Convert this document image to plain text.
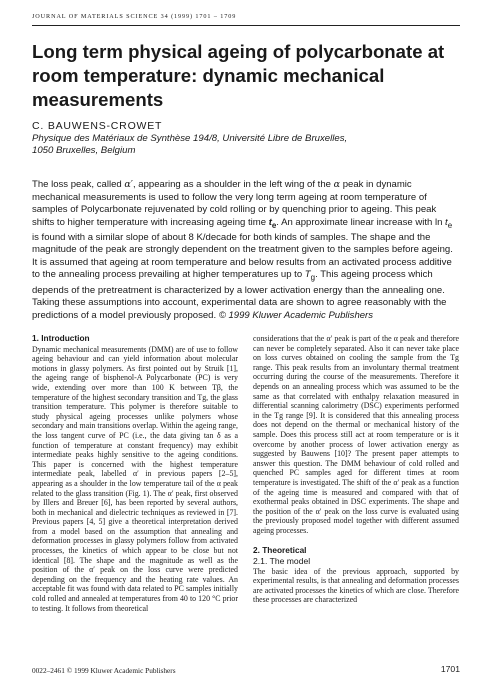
JOURNAL OF MATERIALS SCIENCE 34 (1999) 1701 – 1709
Long term physical ageing of polycarbonate at room temperature: dynamic mechanical measurements
C. BAUWENS-CROWET
Physique des Matériaux de Synthèse 194/8, Université Libre de Bruxelles,
1050 Bruxelles, Belgium

The loss peak, called α′, appearing as a shoulder in the left wing of the α peak in dynamic mechanical measurements is used to follow the very long term ageing at room temperature of samples of Polycarbonate rejuvenated by cold rolling or by quenching prior to ageing. This peak shifts to higher temperature with increasing ageing time $t_e$. An approximate linear increase with $\ln t_e$ is found with a similar slope of about 8 K/decade for both kinds of samples. The shape and the magnitude of the peak are strongly dependent on the treatment given to the samples before ageing. It is assumed that ageing at room temperature and below results from an activated process additive to the annealing process prevailing at higher temperatures up to $T_g$. This ageing process which depends of the pretreatment is characterized by a lower activation energy than the annealing one. Taking these assumptions into account, experimental data are shown to agree reasonably with the predictions of a model previously proposed. © 1999 Kluwer Academic Publishers

1. Introduction

Dynamic mechanical measurements (DMM) are of use to follow ageing behaviour and can yield information about molecular motions in glassy polymers. As first pointed out by Struik [1], the ageing range of bisphenol-A Polycarbonate (PC) is very wide, extending over more than 100 K between Tβ, the temperature of the highest secondary transition and Tg, the glass transition temperature. This polymer is therefore suitable to study physical ageing processes unlike polymers whose secondary and main transitions overlap. Within the ageing range, the loss tangent curve of PC (i.e., the data giving tan δ as a function of temperature at constant frequency) may exhibit intermediate peaks highly sensitive to the ageing conditions. This paper is concerned with the highest temperature intermediate peak, labelled α′ in previous papers [2–5], appearing as a shoulder in the low temperature tail of the α peak related to the glass transition (Fig. 1). The α′ peak, first observed by Illers and Breuer [6], has been reported by several authors, both in mechanical and dielectric techniques as reviewed in [7]. Previous papers [4, 5] give a theoretical interpretation derived from a model based on the assumption that annealing and deformation processes in glassy polymers follow from activated processes, the kinetics of which appear to be close but not identical [8]. The shape and the magnitude as well as the position of the α′ peak on the loss curve were predicted depending on the frequency and the heating rate values. An acceptable fit was found with data related to PC samples initially cold rolled and annealed at temperatures from 40 to 120 °C prior to testing. It follows from theoretical

considerations that the α′ peak is part of the α peak and therefore can never be completely separated. Also it can never take place on loss curves obtained on cooling the sample from the Tg range. This peak results from an involuntary thermal treatment occurring during the course of the measurements. Therefore it depends on an annealing process which was assumed to be the same as that correlated with enthalpy relaxation measured in differential scanning calorimetry (DSC) experiments performed in the Tg range [9]. It is considered that this annealing process does not depend on the thermal or mechanical history of the sample. Does this process still act at room temperature or is it overcome by another process of lower activation energy as suggested by Bauwens [10]? The present paper attempts to answer this question. The DMM behaviour of cold rolled and quenched PC samples aged for different times at room temperature is investigated. The shift of the α′ peak as a function of the ageing time is measured and compared with that of exothermal peaks obtained in DSC experiments. The shape and the position of the α′ peak on the loss curve is evaluated using the previously proposed model together with different assumed ageing processes.

2. Theoretical
2.1. The model

The basic idea of the previous approach, supported by experimental results, is that annealing and deformation processes are activated processes the kinetics of which are close. Therefore these processes are characterized

0022–2461 © 1999 Kluwer Academic Publishers	1701
